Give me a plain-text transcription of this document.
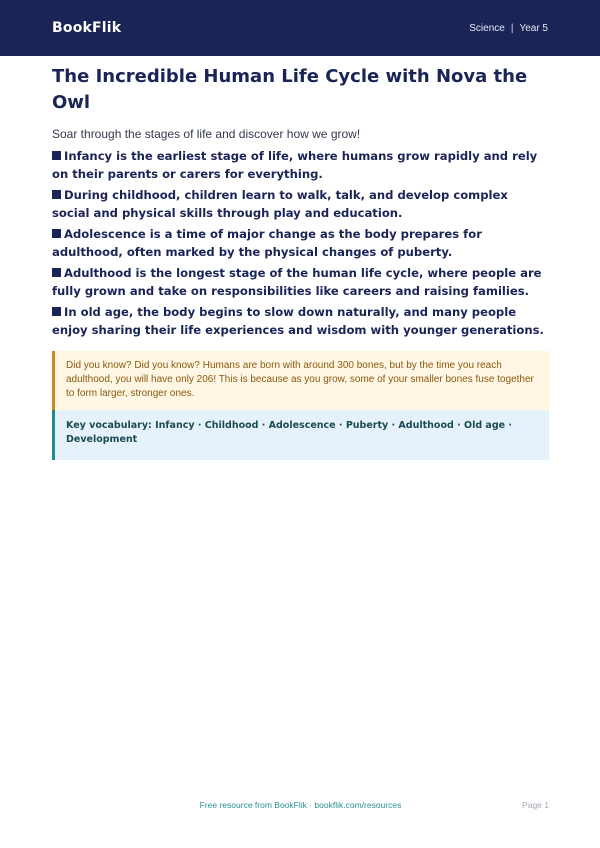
BookFlik	Science | Year 5
The Incredible Human Life Cycle with Nova the Owl

Soar through the stages of life and discover how we grow!

Infancy is the earliest stage of life, where humans grow rapidly and rely on their parents or carers for everything.
During childhood, children learn to walk, talk, and develop complex social and physical skills through play and education.
Adolescence is a time of major change as the body prepares for adulthood, often marked by the physical changes of puberty.
Adulthood is the longest stage of the human life cycle, where people are fully grown and take on responsibilities like careers and raising families.
In old age, the body begins to slow down naturally, and many people enjoy sharing their life experiences and wisdom with younger generations.
Did you know? Did you know? Humans are born with around 300 bones, but by the time you reach adulthood, you will have only 206! This is because as you grow, some of your smaller bones fuse together to form larger, stronger ones.
Key vocabulary: Infancy · Childhood · Adolescence · Puberty · Adulthood · Old age · Development
Free resource from BookFlik · bookflik.com/resources	Page 1
